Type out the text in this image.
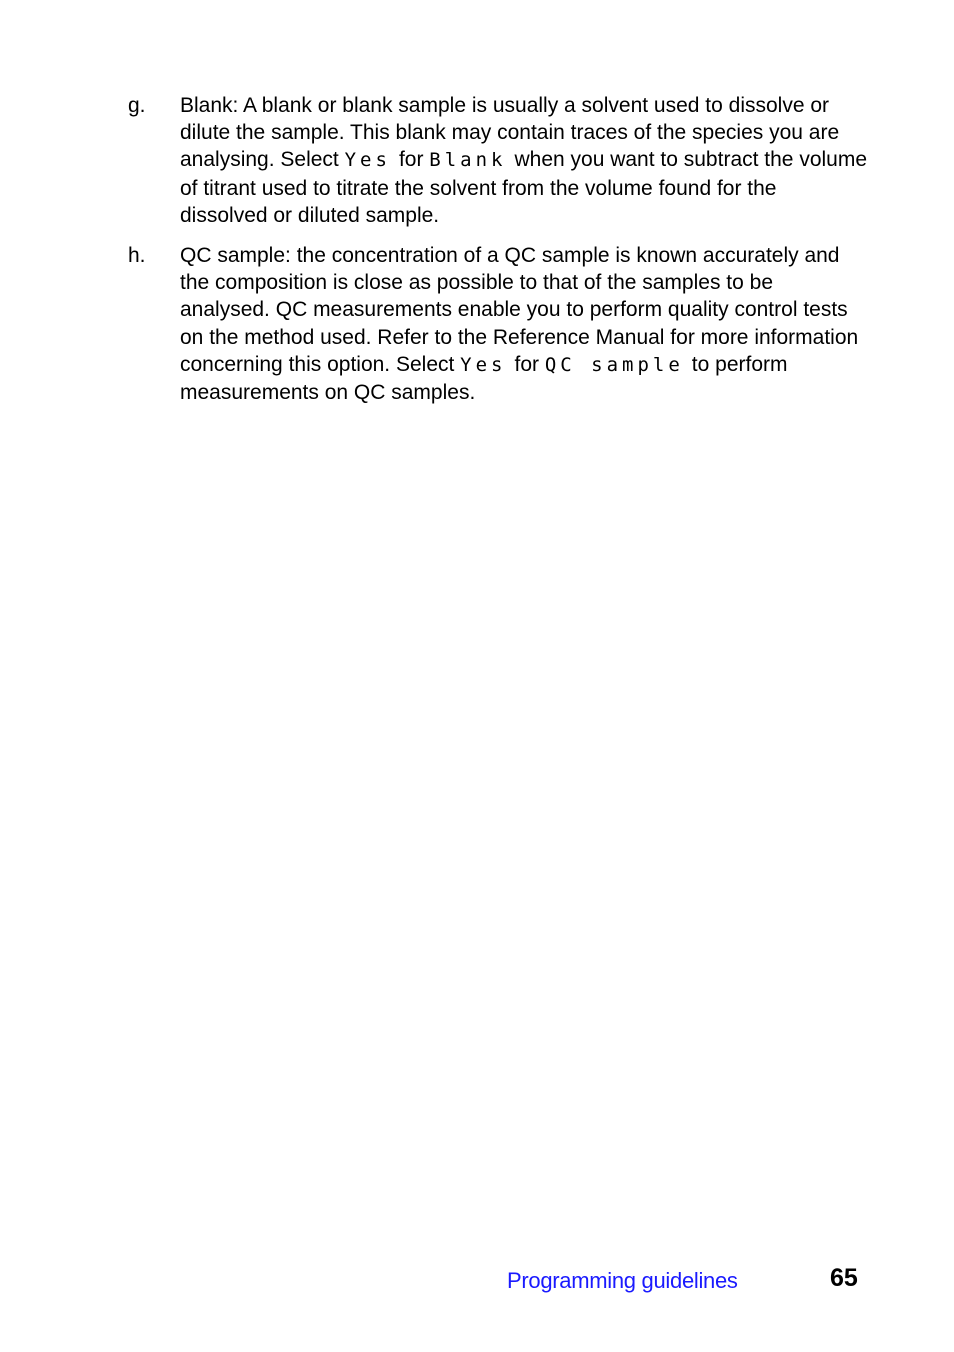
g. Blank: A blank or blank sample is usually a solvent used to dissolve or dilute the sample. This blank may contain traces of the species you are analysing. Select Yes for Blank when you want to subtract the volume of titrant used to titrate the solvent from the volume found for the dissolved or diluted sample.
h. QC sample: the concentration of a QC sample is known accurately and the composition is close as possible to that of the samples to be analysed. QC measurements enable you to perform quality control tests on the method used. Refer to the Reference Manual for more information concerning this option. Select Yes for QC sample to perform measurements on QC samples.
Programming guidelines	65
